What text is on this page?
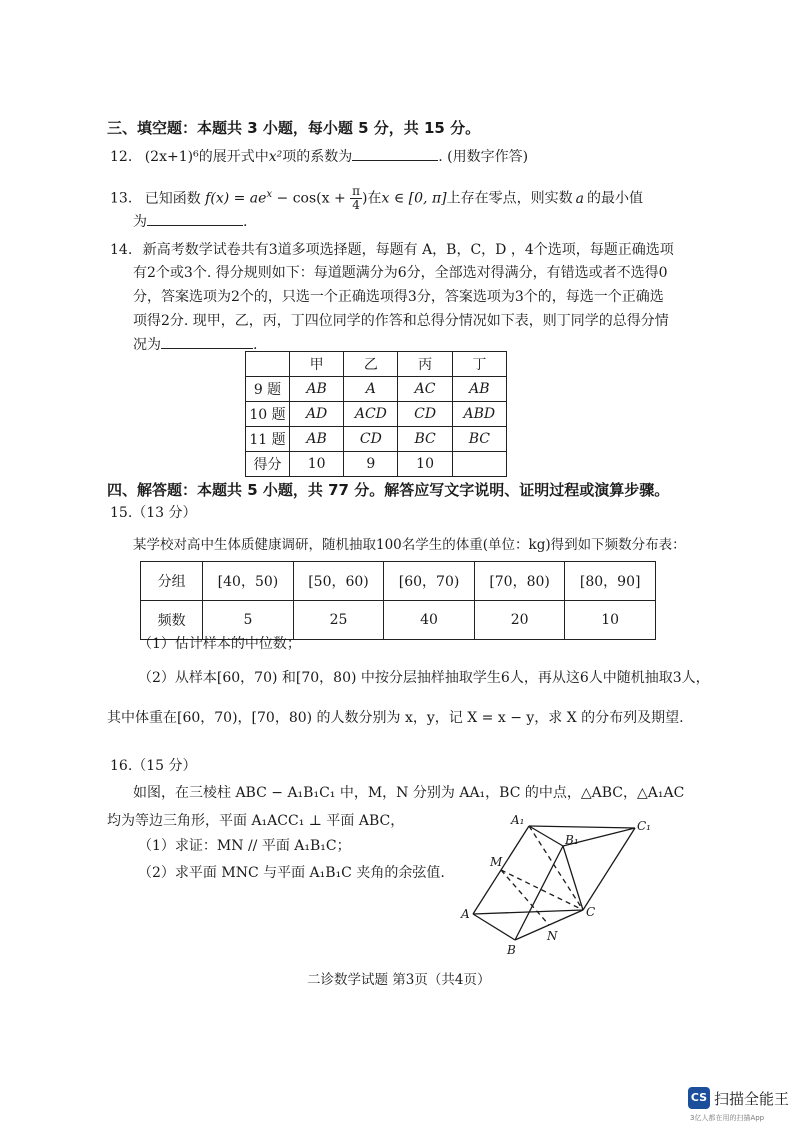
三、填空题：本题共 3 小题，每小题 5 分，共 15 分。
12. (2x+1)⁶的展开式中x²项的系数为	. (用数字作答)
13. 已知函数 $f(x) = ae^x - \cos(x + \frac{\pi}{4}$ )在x ∈ [0, π]上存在零点，则实数 a 的最小值
为	.
14. 新高考数学试卷共有3道多项选择题，每题有 A，B，C，D ，4个选项，每题正确选项
有2个或3个. 得分规则如下：每道题满分为6分，全部选对得满分，有错选或者不选得0
分，答案选项为2个的，只选一个正确选项得3分，答案选项为3个的，每选一个正确选
项得2分. 现甲，乙，丙，丁四位同学的作答和总得分情况如下表，则丁同学的总得分情
况为	.
	甲	乙	丙	丁
9 题	AB	A	AC	AB
10 题	AD	ACD	CD	ABD
11 题	AB	CD	BC	BC
得分	10	9	10	
四、解答题：本题共 5 小题，共 77 分。解答应写文字说明、证明过程或演算步骤。
15.（13 分）
某学校对高中生体质健康调研，随机抽取100名学生的体重(单位：kg)得到如下频数分布表：
分组	[40，50)	[50，60)	[60，70)	[70，80)	[80，90]
频数	5	25	40	20	10
（1）估计样本的中位数；
（2）从样本[60，70) 和[70，80) 中按分层抽样抽取学生6人，再从这6人中随机抽取3人，
其中体重在[60，70)，[70，80) 的人数分别为 x，y，记 X = x − y，求 X 的分布列及期望.
16.（15 分）
如图，在三棱柱 ABC − A₁B₁C₁ 中，M，N 分别为 AA₁，BC 的中点，△ABC，△A₁AC
均为等边三角形，平面 A₁ACC₁ ⊥ 平面 ABC，
（1）求证：MN // 平面 A₁B₁C；
（2）求平面 MNC 与平面 A₁B₁C 夹角的余弦值.
A₁
B₁
C₁
M
A	C
B
N
二诊数学试题 第3页（共4页）
CS 扫描全能王
3亿人都在用的扫描App
